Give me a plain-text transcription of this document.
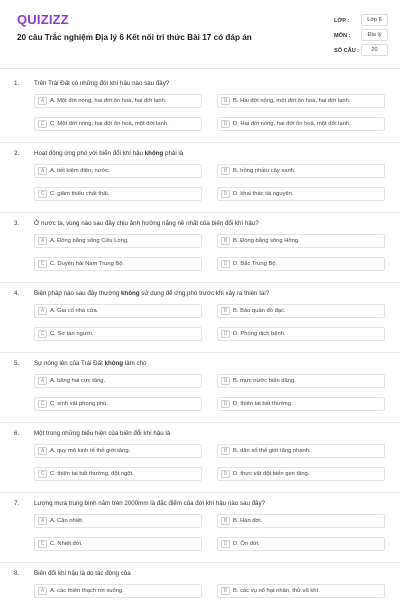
QUIZIZZ
20 câu Trắc nghiệm Địa lý 6 Kết nối tri thức Bài 17 có đáp án
LỚP :	Lớp 6
MÔN :	Địa lý
SỐ CÂU :	20
1. Trên Trái Đất có những đới khí hậu nào sau đây?
A	A. Một đới nóng, hai đới ôn hoà, hai đới lạnh.	B	B. Hai đới nóng, một đới ôn hoà, hai đới lạnh.
C C. Một đới nóng, hai đới ôn hoà, một đới lạnh.	D D. Hai đới nóng, hai đới ôn hoà, một đới lạnh.
2. Hoạt động ứng phó với biến đổi khí hậu không phải là
A	A. tiết kiệm điện, nước.	B	B. trồng nhiều cây xanh.
C C. giảm thiểu chất thải.	D D. khai thác tài nguyên.
3. Ở nước ta, vùng nào sau đây chịu ảnh hưởng nặng nề nhất của biến đổi khí hậu?
A	A. Đồng bằng sông Cửu Long.	B	B. Đồng bằng sông Hồng.
C C. Duyên hải Nam Trung Bộ.	D D. Bắc Trung Bộ.
4. Biện pháp nào sau đây thường không sử dụng để ứng phó trước khi xảy ra thiên tai?
A	A. Gia cố nhà cửa.	B	B. Bảo quản đồ đạc.
C C. Sơ tán người.	D D. Phòng dịch bệnh.
5. Sự nóng lên của Trái Đất không làm cho
A	A. băng hai cực tăng.	B	B. mực nước biển dâng.
C C. sinh vật phong phú.	D D. thiên tai bất thường.
6. Một trong những biểu hiện của biến đổi khí hậu là
A	A. quy mô kinh tế thế giới tăng.	B	B. dân số thế giới tăng nhanh.
C C. thiên tai bất thường, đột ngột.	D D. thực vật đột biến gen tăng.
7. Lượng mưa trung bình năm trên 2000mm là đặc điểm của đới khí hậu nào sau đây?
A	A. Cận nhiệt.	B	B. Hàn đới.
C C. Nhiệt đới.	D D. Ôn đới.
8. Biến đổi khí hậu là do tác động của
A	A. các thiên thạch rơi xuống.	B	B. các vụ nổ hạt nhân, thử vũ khí.
